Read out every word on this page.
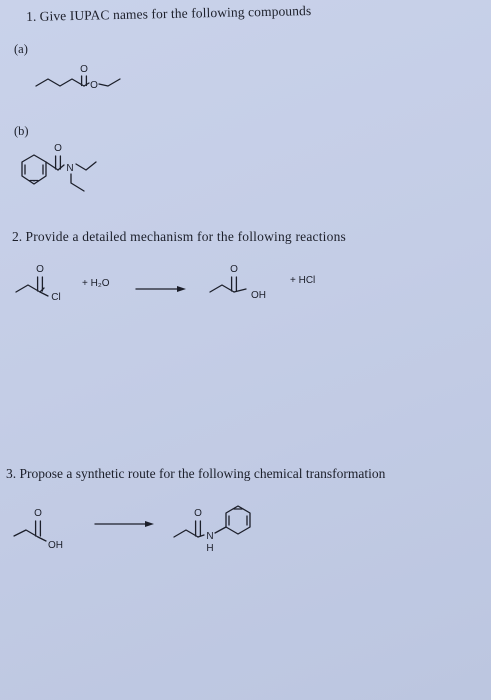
1. Give IUPAC names for the following compounds
(a)
(b)
O
O
O
N
2. Provide a detailed mechanism for the following reactions
O
Cl
+ H₂O
O
OH
+ HCl
3. Propose a synthetic route for the following chemical transformation
O
OH
O
N
H
